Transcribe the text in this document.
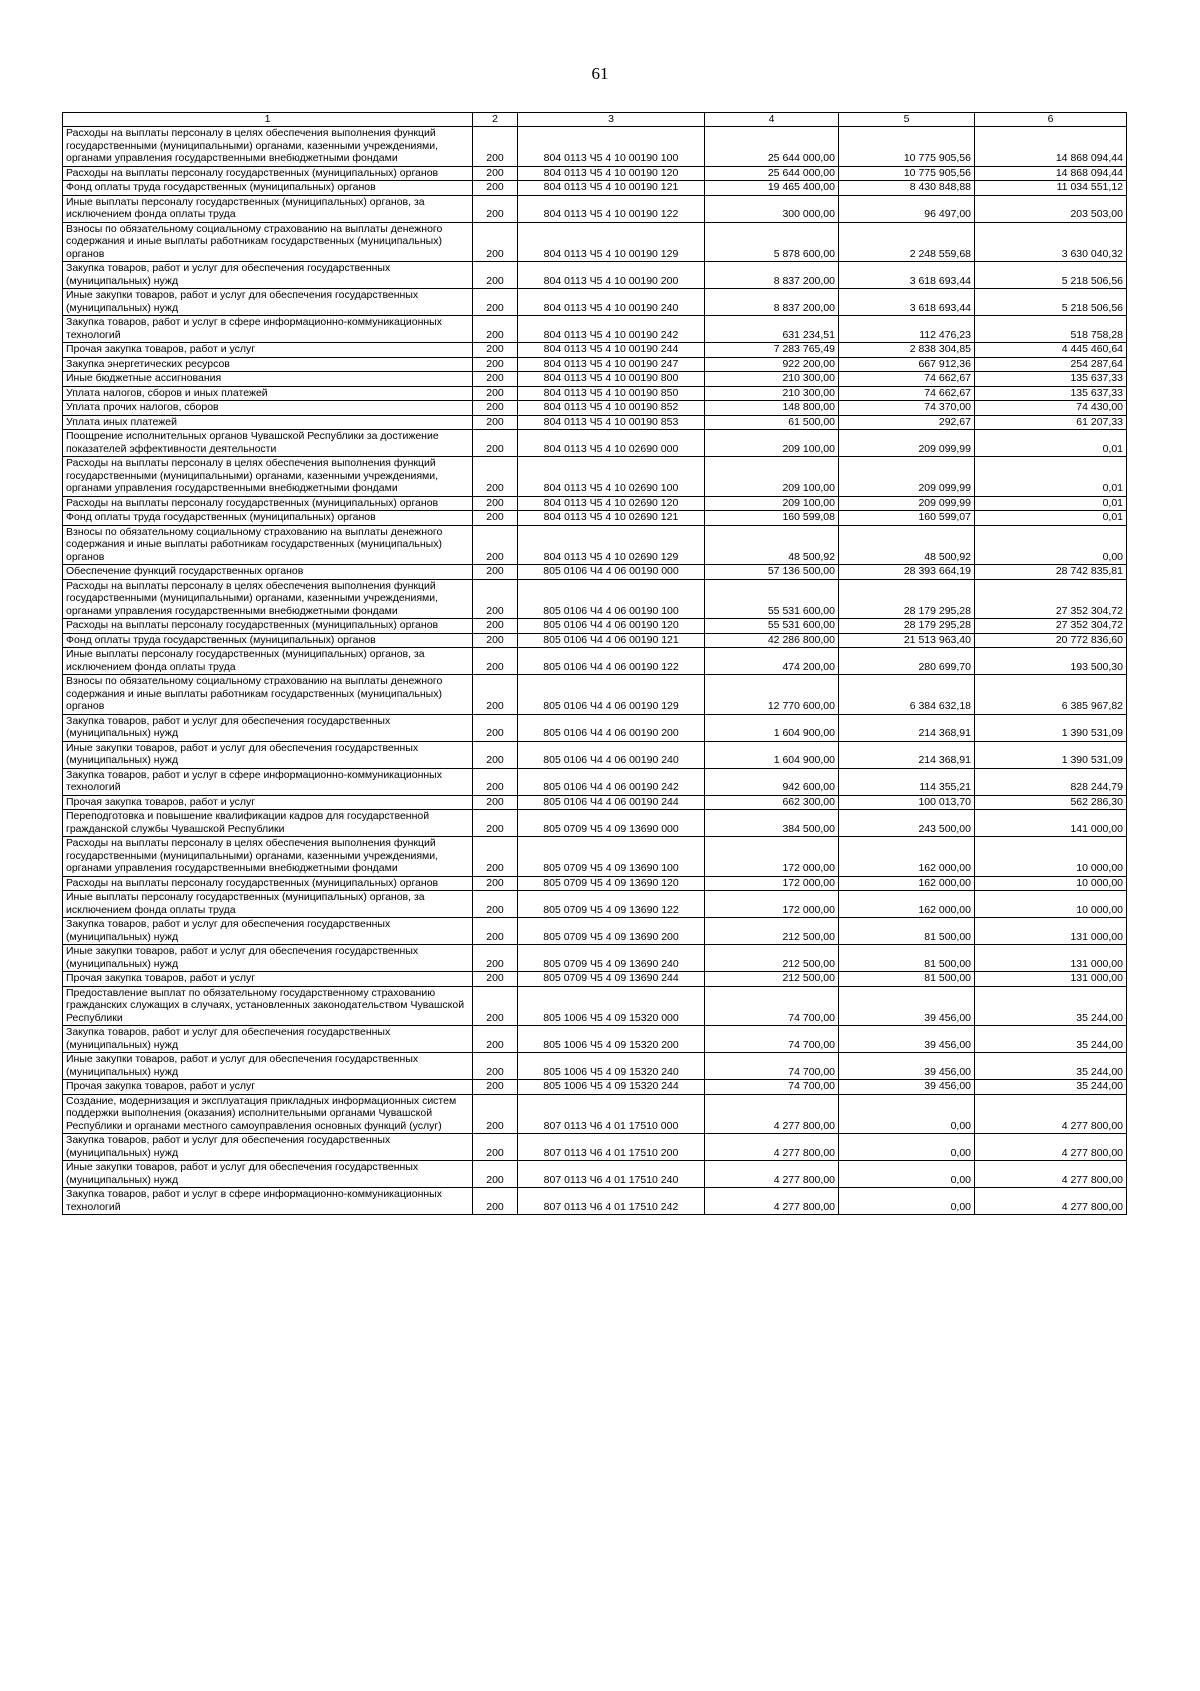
61
1	2	3	4	5	6
Расходы на выплаты персоналу в целях обеспечения выполнения функций государственными (муниципальными) органами, казенными учреждениями, органами управления государственными внебюджетными фондами	200	804 0113 Ч5 4 10 00190 100	25 644 000,00	10 775 905,56	14 868 094,44
Расходы на выплаты персоналу государственных (муниципальных) органов	200	804 0113 Ч5 4 10 00190 120	25 644 000,00	10 775 905,56	14 868 094,44
Фонд оплаты труда государственных (муниципальных) органов	200	804 0113 Ч5 4 10 00190 121	19 465 400,00	8 430 848,88	11 034 551,12
Иные выплаты персоналу государственных (муниципальных) органов, за исключением фонда оплаты труда	200	804 0113 Ч5 4 10 00190 122	300 000,00	96 497,00	203 503,00
Взносы по обязательному социальному страхованию на выплаты денежного содержания и иные выплаты работникам государственных (муниципальных) органов	200	804 0113 Ч5 4 10 00190 129	5 878 600,00	2 248 559,68	3 630 040,32
Закупка товаров, работ и услуг для обеспечения государственных (муниципальных) нужд	200	804 0113 Ч5 4 10 00190 200	8 837 200,00	3 618 693,44	5 218 506,56
Иные закупки товаров, работ и услуг для обеспечения государственных (муниципальных) нужд	200	804 0113 Ч5 4 10 00190 240	8 837 200,00	3 618 693,44	5 218 506,56
Закупка товаров, работ и услуг в сфере информационно-коммуникационных технологий	200	804 0113 Ч5 4 10 00190 242	631 234,51	112 476,23	518 758,28
Прочая закупка товаров, работ и услуг	200	804 0113 Ч5 4 10 00190 244	7 283 765,49	2 838 304,85	4 445 460,64
Закупка энергетических ресурсов	200	804 0113 Ч5 4 10 00190 247	922 200,00	667 912,36	254 287,64
Иные бюджетные ассигнования	200	804 0113 Ч5 4 10 00190 800	210 300,00	74 662,67	135 637,33
Уплата налогов, сборов и иных платежей	200	804 0113 Ч5 4 10 00190 850	210 300,00	74 662,67	135 637,33
Уплата прочих налогов, сборов	200	804 0113 Ч5 4 10 00190 852	148 800,00	74 370,00	74 430,00
Уплата иных платежей	200	804 0113 Ч5 4 10 00190 853	61 500,00	292,67	61 207,33
Поощрение исполнительных органов Чувашской Республики за достижение показателей эффективности деятельности	200	804 0113 Ч5 4 10 02690 000	209 100,00	209 099,99	0,01
Расходы на выплаты персоналу в целях обеспечения выполнения функций государственными (муниципальными) органами, казенными учреждениями, органами управления государственными внебюджетными фондами	200	804 0113 Ч5 4 10 02690 100	209 100,00	209 099,99	0,01
Расходы на выплаты персоналу государственных (муниципальных) органов	200	804 0113 Ч5 4 10 02690 120	209 100,00	209 099,99	0,01
Фонд оплаты труда государственных (муниципальных) органов	200	804 0113 Ч5 4 10 02690 121	160 599,08	160 599,07	0,01
Взносы по обязательному социальному страхованию на выплаты денежного содержания и иные выплаты работникам государственных (муниципальных) органов	200	804 0113 Ч5 4 10 02690 129	48 500,92	48 500,92	0,00
Обеспечение функций государственных органов	200	805 0106 Ч4 4 06 00190 000	57 136 500,00	28 393 664,19	28 742 835,81
Расходы на выплаты персоналу в целях обеспечения выполнения функций государственными (муниципальными) органами, казенными учреждениями, органами управления государственными внебюджетными фондами	200	805 0106 Ч4 4 06 00190 100	55 531 600,00	28 179 295,28	27 352 304,72
Расходы на выплаты персоналу государственных (муниципальных) органов	200	805 0106 Ч4 4 06 00190 120	55 531 600,00	28 179 295,28	27 352 304,72
Фонд оплаты труда государственных (муниципальных) органов	200	805 0106 Ч4 4 06 00190 121	42 286 800,00	21 513 963,40	20 772 836,60
Иные выплаты персоналу государственных (муниципальных) органов, за исключением фонда оплаты труда	200	805 0106 Ч4 4 06 00190 122	474 200,00	280 699,70	193 500,30
Взносы по обязательному социальному страхованию на выплаты денежного содержания и иные выплаты работникам государственных (муниципальных) органов	200	805 0106 Ч4 4 06 00190 129	12 770 600,00	6 384 632,18	6 385 967,82
Закупка товаров, работ и услуг для обеспечения государственных (муниципальных) нужд	200	805 0106 Ч4 4 06 00190 200	1 604 900,00	214 368,91	1 390 531,09
Иные закупки товаров, работ и услуг для обеспечения государственных (муниципальных) нужд	200	805 0106 Ч4 4 06 00190 240	1 604 900,00	214 368,91	1 390 531,09
Закупка товаров, работ и услуг в сфере информационно-коммуникационных технологий	200	805 0106 Ч4 4 06 00190 242	942 600,00	114 355,21	828 244,79
Прочая закупка товаров, работ и услуг	200	805 0106 Ч4 4 06 00190 244	662 300,00	100 013,70	562 286,30
Переподготовка и повышение квалификации кадров для государственной гражданской службы Чувашской Республики	200	805 0709 Ч5 4 09 13690 000	384 500,00	243 500,00	141 000,00
Расходы на выплаты персоналу в целях обеспечения выполнения функций государственными (муниципальными) органами, казенными учреждениями, органами управления государственными внебюджетными фондами	200	805 0709 Ч5 4 09 13690 100	172 000,00	162 000,00	10 000,00
Расходы на выплаты персоналу государственных (муниципальных) органов	200	805 0709 Ч5 4 09 13690 120	172 000,00	162 000,00	10 000,00
Иные выплаты персоналу государственных (муниципальных) органов, за исключением фонда оплаты труда	200	805 0709 Ч5 4 09 13690 122	172 000,00	162 000,00	10 000,00
Закупка товаров, работ и услуг для обеспечения государственных (муниципальных) нужд	200	805 0709 Ч5 4 09 13690 200	212 500,00	81 500,00	131 000,00
Иные закупки товаров, работ и услуг для обеспечения государственных (муниципальных) нужд	200	805 0709 Ч5 4 09 13690 240	212 500,00	81 500,00	131 000,00
Прочая закупка товаров, работ и услуг	200	805 0709 Ч5 4 09 13690 244	212 500,00	81 500,00	131 000,00
Предоставление выплат по обязательному государственному страхованию гражданских служащих в случаях, установленных законодательством Чувашской Республики	200	805 1006 Ч5 4 09 15320 000	74 700,00	39 456,00	35 244,00
Закупка товаров, работ и услуг для обеспечения государственных (муниципальных) нужд	200	805 1006 Ч5 4 09 15320 200	74 700,00	39 456,00	35 244,00
Иные закупки товаров, работ и услуг для обеспечения государственных (муниципальных) нужд	200	805 1006 Ч5 4 09 15320 240	74 700,00	39 456,00	35 244,00
Прочая закупка товаров, работ и услуг	200	805 1006 Ч5 4 09 15320 244	74 700,00	39 456,00	35 244,00
Создание, модернизация и эксплуатация прикладных информационных систем поддержки выполнения (оказания) исполнительными органами Чувашской Республики и органами местного самоуправления основных функций (услуг)	200	807 0113 Ч6 4 01 17510 000	4 277 800,00	0,00	4 277 800,00
Закупка товаров, работ и услуг для обеспечения государственных (муниципальных) нужд	200	807 0113 Ч6 4 01 17510 200	4 277 800,00	0,00	4 277 800,00
Иные закупки товаров, работ и услуг для обеспечения государственных (муниципальных) нужд	200	807 0113 Ч6 4 01 17510 240	4 277 800,00	0,00	4 277 800,00
Закупка товаров, работ и услуг в сфере информационно-коммуникационных технологий	200	807 0113 Ч6 4 01 17510 242	4 277 800,00	0,00	4 277 800,00
